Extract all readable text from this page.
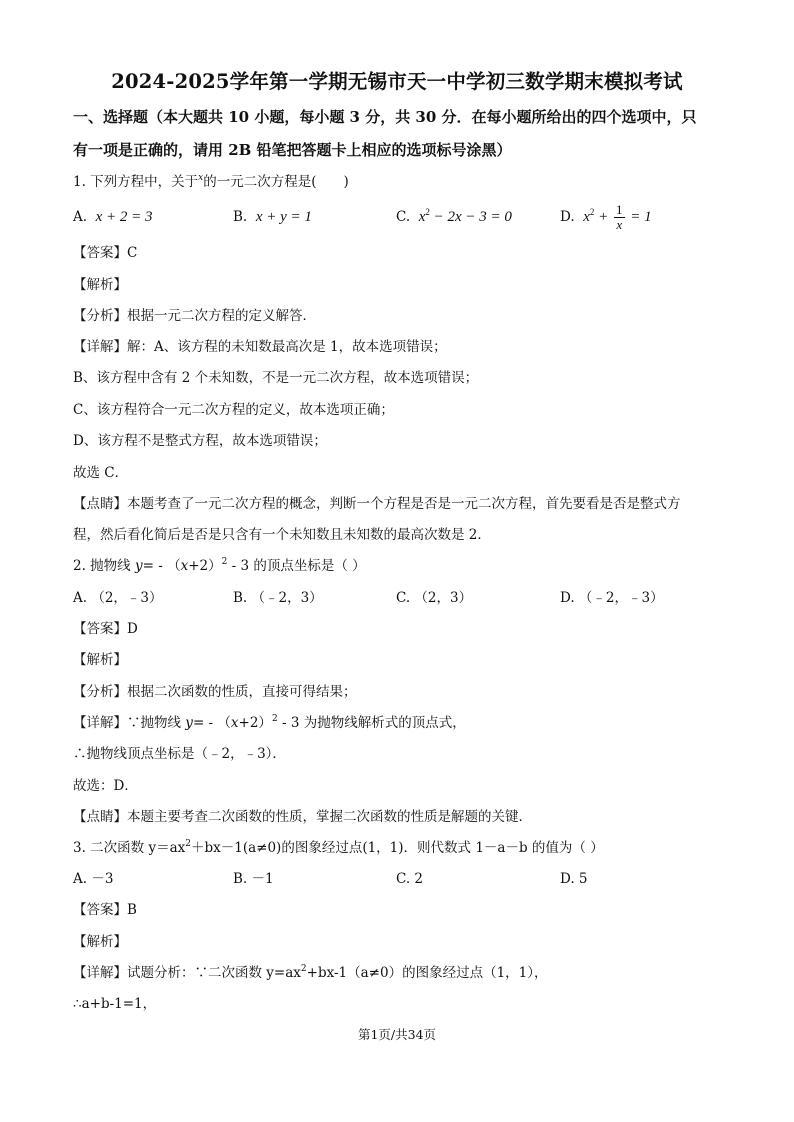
2024-2025学年第一学期无锡市天一中学初三数学期末模拟考试
一、选择题（本大题共 10 小题，每小题 3 分，共 30 分．在每小题所给出的四个选项中，只
有一项是正确的，请用 2B 铅笔把答题卡上相应的选项标号涂黑）
1. 下列方程中，关于$^x$的一元二次方程是(　　)
A. x + 2 = 3	B. x + y = 1	C. $x^2 - 2x - 3 = 0$	D. $x^2 + \frac{1}{x} = 1$
【答案】C
【解析】
【分析】根据一元二次方程的定义解答．
【详解】解：A、该方程的未知数最高次是 1，故本选项错误；
B、该方程中含有 2 个未知数，不是一元二次方程，故本选项错误；
C、该方程符合一元二次方程的定义，故本选项正确；
D、该方程不是整式方程，故本选项错误；
故选 C．
【点睛】本题考查了一元二次方程的概念，判断一个方程是否是一元二次方程，首先要看是否是整式方
程，然后看化简后是否是只含有一个未知数且未知数的最高次数是 2．
2. 抛物线 $y= - (x+2)^2 - 3$ 的顶点坐标是（ ）
A. （2，﹣3）	B. （﹣2，3）	C. （2，3）	D. （﹣2，﹣3）
【答案】D
【解析】
【分析】根据二次函数的性质，直接可得结果；
【详解】∵抛物线 $y= - (x+2)^2 - 3$ 为抛物线解析式的顶点式，
∴抛物线顶点坐标是（﹣2，﹣3）．
故选：D．
【点睛】本题主要考查二次函数的性质，掌握二次函数的性质是解题的关键．
3. 二次函数 $y=ax^2+bx-1(a\ne 0)$的图象经过点(1，1)．则代数式 1－a－b 的值为（ ）
A. －3	B. －1	C. 2	D. 5
【答案】B
【解析】
【详解】试题分析：∵二次函数 $y=ax^2+bx-1(a\ne 0)$的图象经过点（1，1），
∴a+b-1=1，
第1页/共34页
